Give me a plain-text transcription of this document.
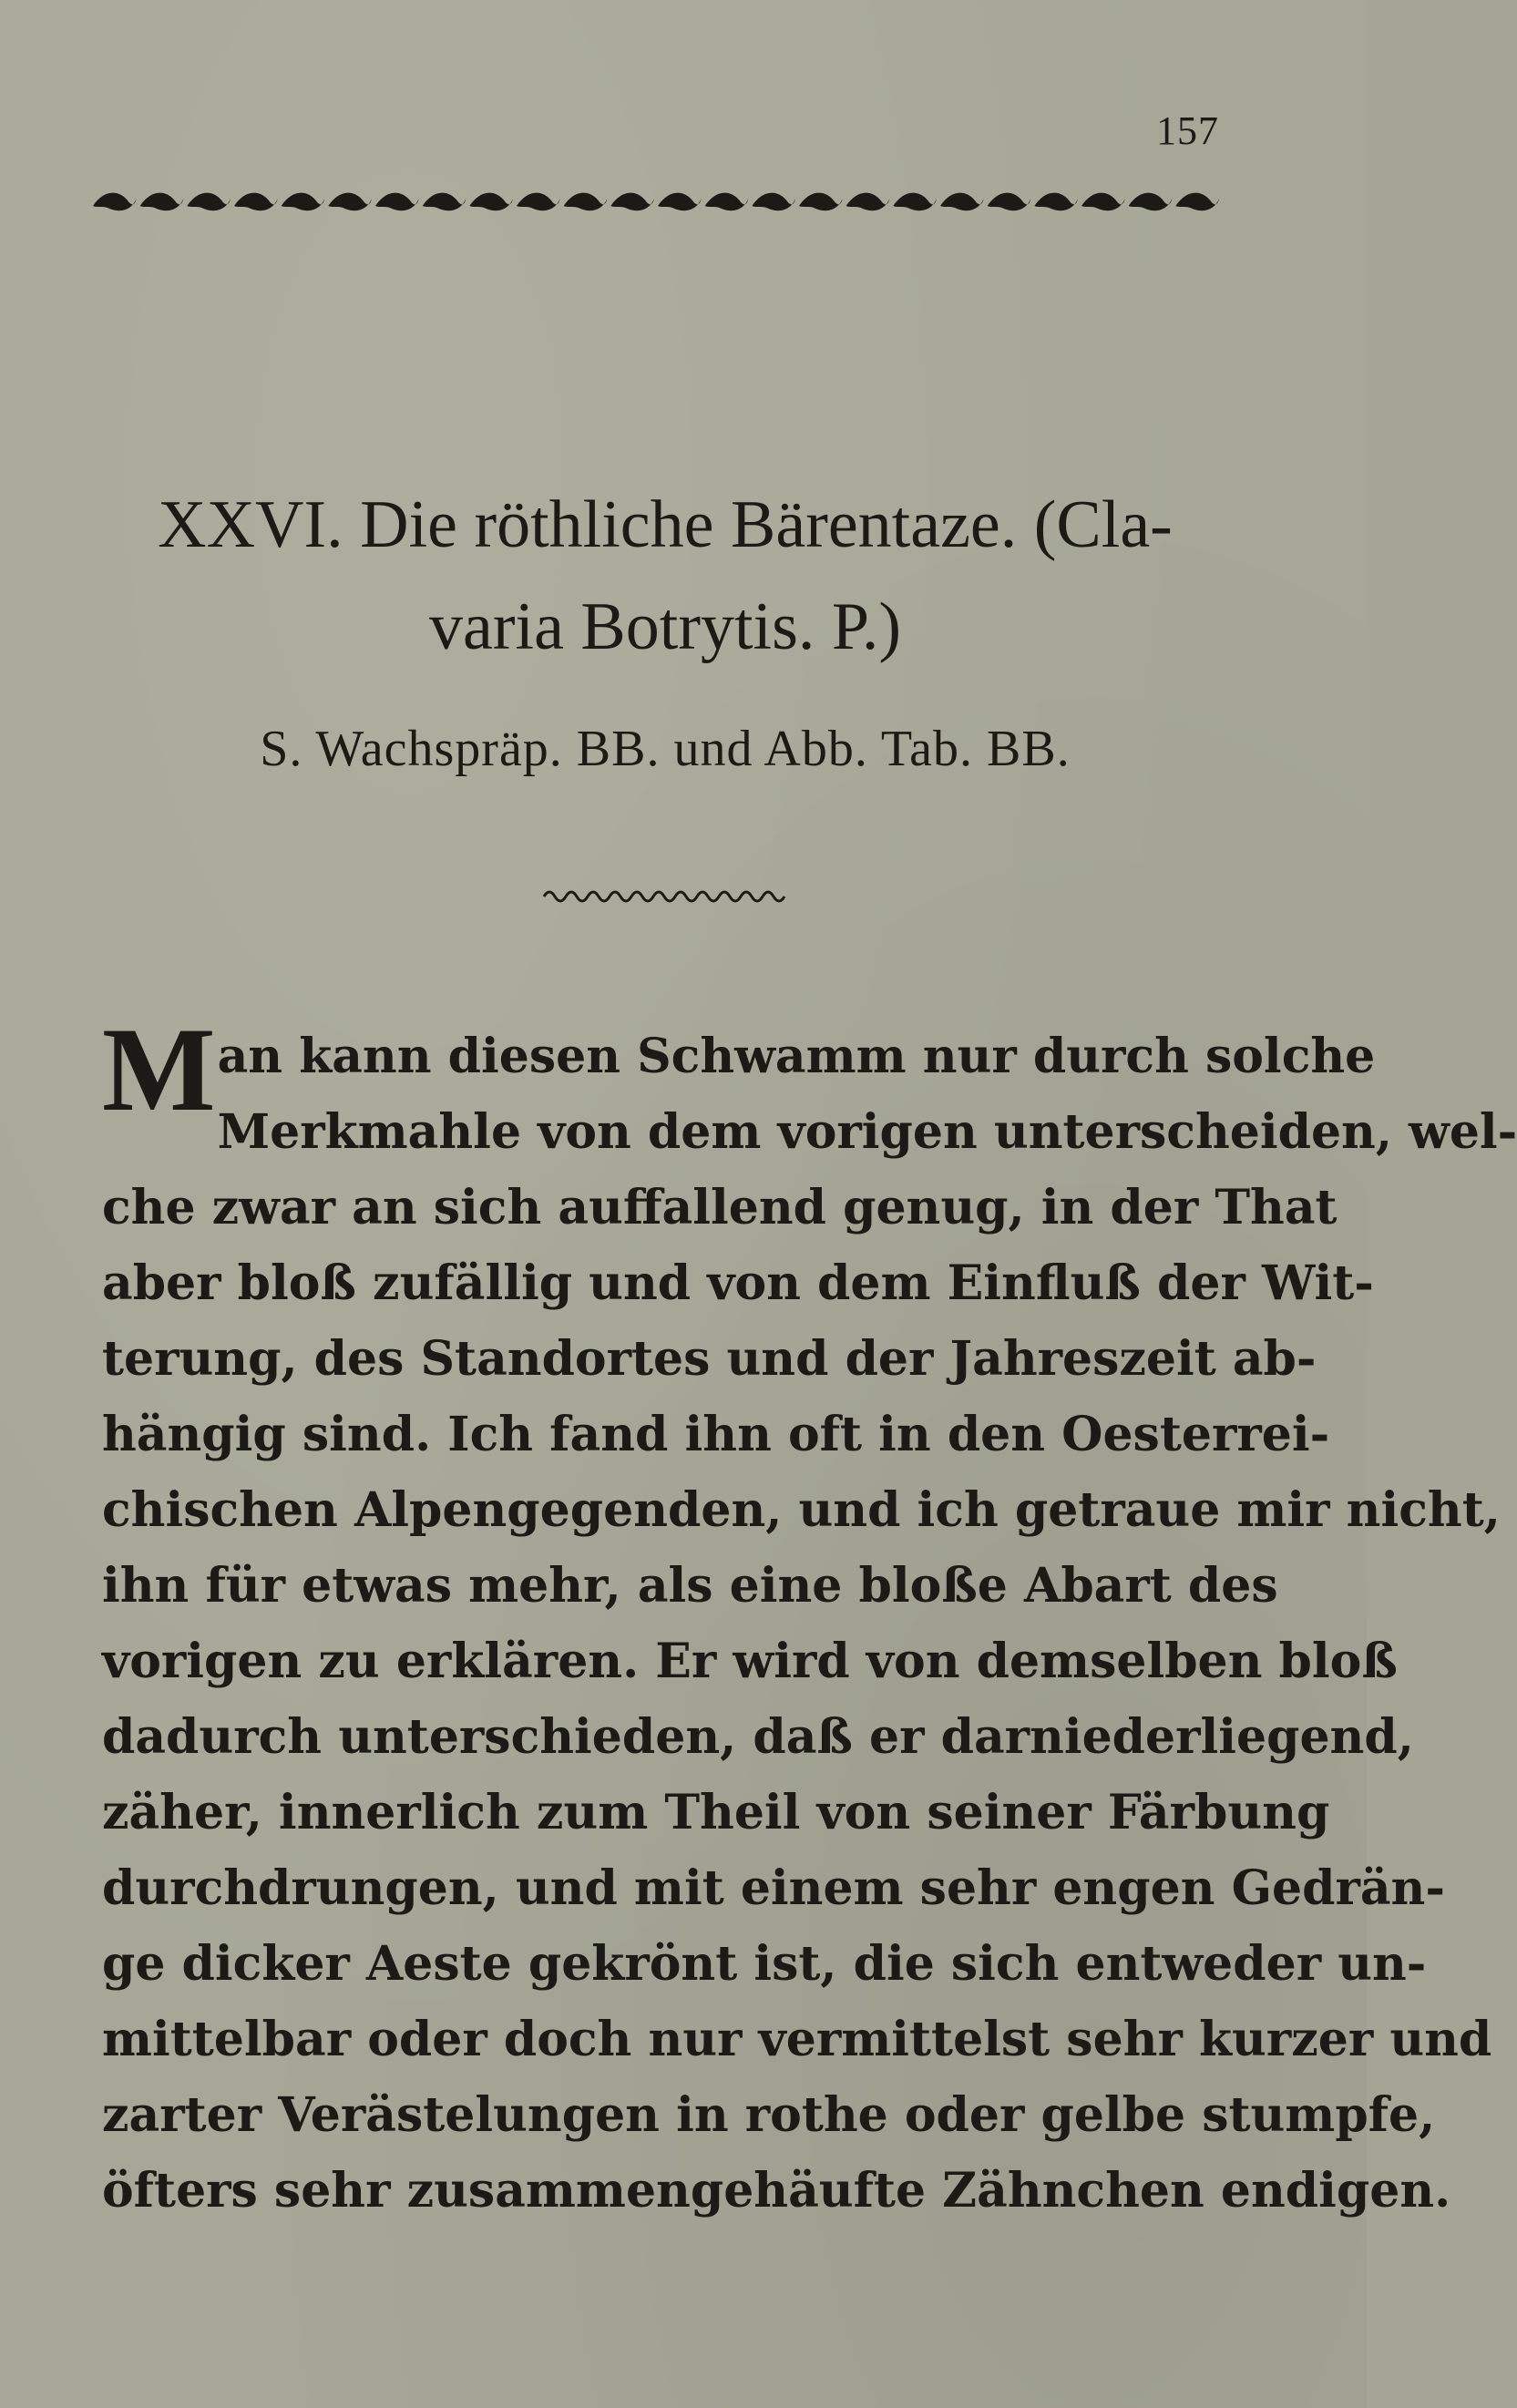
157
XXVI. Die röthliche Bärentaze. (Cla-
varia Botrytis. P.)
S. Wachspräp. BB. und Abb. Tab. BB.
M an kann diesen Schwamm nur durch solche
Merkmahle von dem vorigen unterscheiden, wel-
che zwar an sich auffallend genug, in der That
aber bloß zufällig und von dem Einfluß der Wit-
terung, des Standortes und der Jahreszeit ab-
hängig sind. Ich fand ihn oft in den Oesterrei-
chischen Alpengegenden, und ich getraue mir nicht,
ihn für etwas mehr, als eine bloße Abart des
vorigen zu erklären. Er wird von demselben bloß
dadurch unterschieden, daß er darniederliegend,
zäher, innerlich zum Theil von seiner Färbung
durchdrungen, und mit einem sehr engen Gedrän-
ge dicker Aeste gekrönt ist, die sich entweder un-
mittelbar oder doch nur vermittelst sehr kurzer und
zarter Verästelungen in rothe oder gelbe stumpfe,
öfters sehr zusammengehäufte Zähnchen endigen.
